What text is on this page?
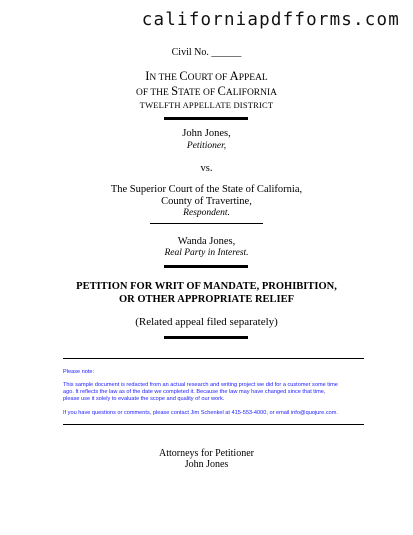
californiapdfforms.com
Civil No. ______
IN THE COURT OF APPEAL
OF THE STATE OF CALIFORNIA
TWELFTH APPELLATE DISTRICT
John Jones,
Petitioner,
vs.
The Superior Court of the State of California,
County of Travertine,
Respondent.
Wanda Jones,
Real Party in Interest.
PETITION FOR WRIT OF MANDATE, PROHIBITION,
OR OTHER APPROPRIATE RELIEF
(Related appeal filed separately)
Please note:
This sample document is redacted from an actual research and writing project we did for a customer some time
ago. It reflects the law as of the date we completed it. Because the law may have changed since that time,
please use it solely to evaluate the scope and quality of our work.
If you have questions or comments, please contact Jim Schenkel at 415-553-4000, or email info@quojure.com.
Attorneys for Petitioner
John Jones
